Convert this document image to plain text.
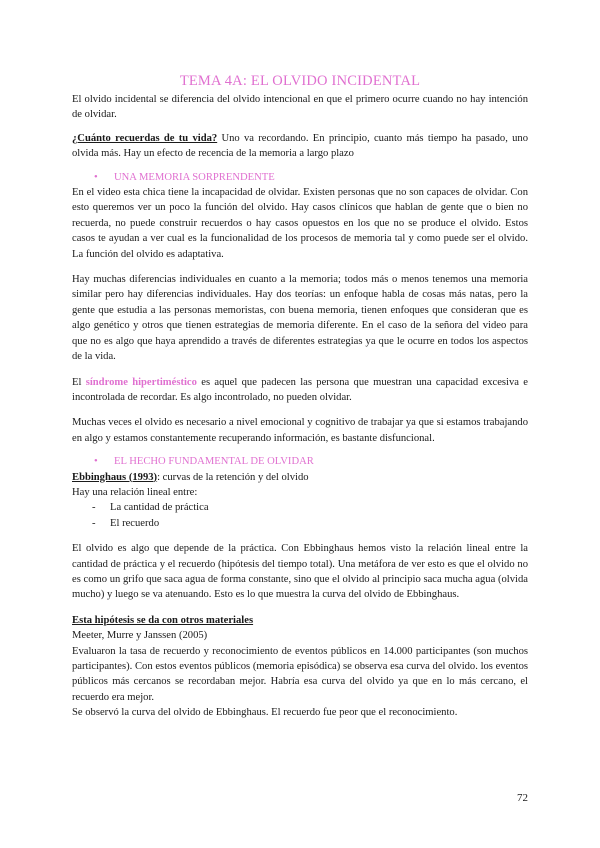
TEMA 4A: EL OLVIDO INCIDENTAL

El olvido incidental se diferencia del olvido intencional en que el primero ocurre cuando no hay intención de olvidar.

¿Cuánto recuerdas de tu vida? Uno va recordando. En principio, cuanto más tiempo ha pasado, uno olvida más. Hay un efecto de recencia de la memoria a largo plazo

•	UNA MEMORIA SORPRENDENTE

En el video esta chica tiene la incapacidad de olvidar. Existen personas que no son capaces de olvidar. Con esto queremos ver un poco la función del olvido. Hay casos clínicos que hablan de gente que o bien no recuerda, no puede construir recuerdos o hay casos opuestos en los que no se produce el olvido. Estos casos te ayudan a ver cual es la funcionalidad de los procesos de memoria tal y como puede ser el olvido. La función del olvido es adaptativa.

Hay muchas diferencias individuales en cuanto a la memoria; todos más o menos tenemos una memoria similar pero hay diferencias individuales. Hay dos teorías: un enfoque habla de cosas más natas, pero la gente que estudia a las personas memoristas, con buena memoria, tienen enfoques que consideran que es algo genético y otros que tienen estrategias de memoria diferente. En el caso de la señora del video para que no es algo que haya aprendido a través de diferentes estrategias ya que le ocurre en todos los aspectos de la vida.

El síndrome hipertiméstico es aquel que padecen las persona que muestran una capacidad excesiva e incontrolada de recordar. Es algo incontrolado, no pueden olvidar.

Muchas veces el olvido es necesario a nivel emocional y cognitivo de trabajar ya que si estamos trabajando en algo y estamos constantemente recuperando información, es bastante disfuncional.

•	EL HECHO FUNDAMENTAL DE OLVIDAR

Ebbinghaus (1993): curvas de la retención y del olvido

Hay una relación lineal entre:

-	La cantidad de práctica
-	El recuerdo

El olvido es algo que depende de la práctica. Con Ebbinghaus hemos visto la relación lineal entre la cantidad de práctica y el recuerdo (hipótesis del tiempo total). Una metáfora de ver esto es que el olvido no es como un grifo que saca agua de forma constante, sino que el olvido al principio saca mucha agua (olvida mucho) y luego se va atenuando. Esto es lo que muestra la curva del olvido de Ebbinghaus.

Esta hipótesis se da con otros materiales

Meeter, Murre y Janssen (2005)

Evaluaron la tasa de recuerdo y reconocimiento de eventos públicos en 14.000 participantes (son muchos participantes). Con estos eventos públicos (memoria episódica) se observa esa curva del olvido. los eventos públicos más cercanos se recordaban mejor. Habría esa curva del olvido ya que en lo más cercano, el recuerdo era mejor.

Se observó la curva del olvido de Ebbinghaus. El recuerdo fue peor que el reconocimiento.

72
